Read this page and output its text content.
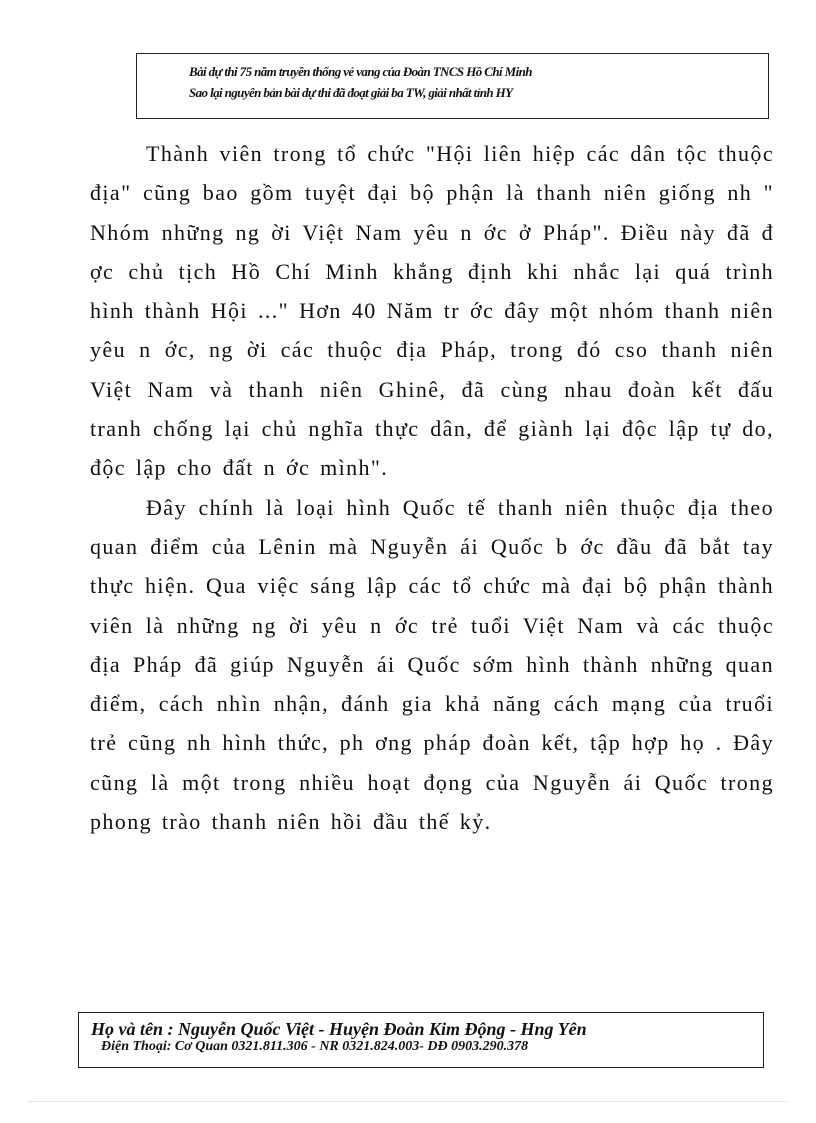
Bài dự thi 75 năm truyền thống vẻ vang của Đoàn TNCS Hồ Chí Minh
Sao lại nguyên bản bài dự thi đã đoạt giải ba TW, giải nhất tỉnh HY

Thành viên trong tổ chức "Hội liên hiệp các dân tộc thuộc địa" cũng bao gồm tuyệt đại bộ phận là thanh niên giống nh " Nhóm những ng ời Việt Nam yêu n ớc ở Pháp". Điều này đã đ ợc chủ tịch Hồ Chí Minh khẳng định khi nhắc lại quá trình hình thành Hội ..." Hơn 40 Năm tr ớc đây một nhóm thanh niên yêu n ớc, ng ời các thuộc địa Pháp, trong đó cso thanh niên Việt Nam và thanh niên Ghinê, đã cùng nhau đoàn kết đấu tranh chống lại chủ nghĩa thực dân, để giành lại độc lập tự do, độc lập cho đất n ớc mình".

Đây chính là loại hình Quốc tế thanh niên thuộc địa theo quan điểm của Lênin mà Nguyễn ái Quốc b ớc đầu đã bắt tay thực hiện. Qua việc sáng lập các tổ chức mà đại bộ phận thành viên là những ng ời yêu n ớc trẻ tuổi Việt Nam và các thuộc địa Pháp đã giúp Nguyễn ái Quốc sớm hình thành những quan điểm, cách nhìn nhận, đánh gia khả năng cách mạng của truổi trẻ cũng nh hình thức, ph ơng pháp đoàn kết, tập hợp họ . Đây cũng là một trong nhiều hoạt đọng của Nguyễn ái Quốc trong phong trào thanh niên hồi đầu thế kỷ.

Họ và tên : Nguyễn Quốc Việt - Huyện Đoàn Kim Động - Hng Yên
Điện Thoại: Cơ Quan 0321.811.306 - NR 0321.824.003- DĐ 0903.290.378
